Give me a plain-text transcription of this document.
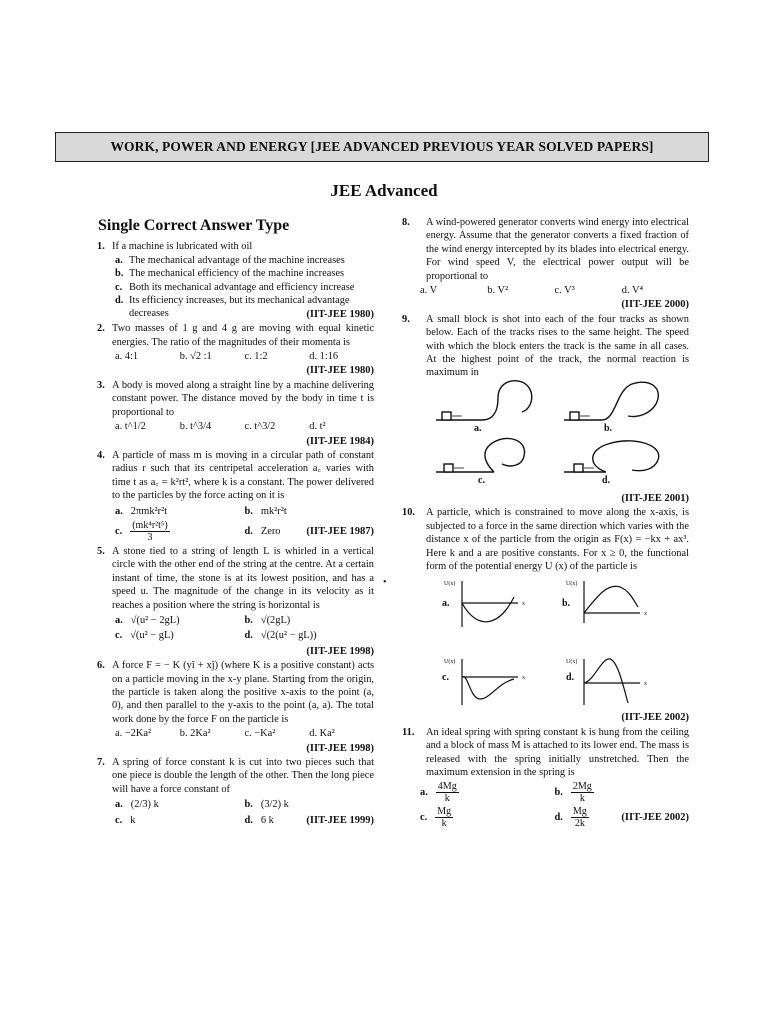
WORK, POWER AND ENERGY [JEE ADVANCED PREVIOUS YEAR SOLVED PAPERS]
JEE Advanced
•
Single Correct Answer Type
1. If a machine is lubricated with oil
a. The mechanical advantage of the machine increases
b. The mechanical efficiency of the machine increases
c. Both its mechanical advantage and efficiency increase
d. Its efficiency increases, but its mechanical advantage decreases	(IIT-JEE 1980)
2. Two masses of 1 g and 4 g are moving with equal kinetic energies. The ratio of the magnitudes of their momenta is
a. 4:1	b. √2 :1	c. 1:2	d. 1:16
(IIT-JEE 1980)
3. A body is moved along a straight line by a machine delivering constant power. The distance moved by the body in time t is proportional to
a. t^1/2	b. t^3/4	c. t^3/2	d. t²
(IIT-JEE 1984)
4. A particle of mass m is moving in a circular path of constant radius r such that its centripetal acceleration a꜀ varies with time t as a꜀ = k²rt², where k is a constant. The power delivered to the particles by the force acting on it is
a. 2πmk²r²t	b. mk²r²t
c. $\frac{\text{(mk⁴r²t⁵)}}{3}$	d. Zero (IIT-JEE 1987)
5. A stone tied to a string of length L is whirled in a vertical circle with the other end of the string at the centre. At a certain instant of time, the stone is at its lowest position, and has a speed u. The magnitude of the change in its velocity as it reaches a position where the string is horizontal is
a. √(u² − 2gL)	b. √(2gL)
c. √(u² − gL)	d. √(2(u² − gL))
(IIT-JEE 1998)
6. A force F = − K (yî + xĵ) (where K is a positive constant) acts on a particle moving in the x-y plane. Starting from the origin, the particle is taken along the positive x-axis to the point (a, 0), and then parallel to the y-axis to the point (a, a). The total work done by the force F on the particle is
a. −2Ka²	b. 2Ka²	c. −Ka²	d. Ka²
(IIT-JEE 1998)
7. A spring of force constant k is cut into two pieces such that one piece is double the length of the other. Then the long piece will have a force constant of
a. (2/3) k	b. (3/2) k
c. k	d. 6 k	(IIT-JEE 1999)
8.	A wind-powered generator converts wind energy into electrical energy. Assume that the generator converts a fixed fraction of the wind energy intercepted by its blades into electrical energy. For wind speed V, the electrical power output will be proportional to
a. V	b. V²	c. V³	d. V⁴
(IIT-JEE 2000)
9.	A small block is shot into each of the four tracks as shown below. Each of the tracks rises to the same height. The speed with which the block enters the track is the same in all cases. At the highest point of the track, the normal reaction is maximum in
a.	b.
c.	d.
(IIT-JEE 2001)
10.	A particle, which is constrained to move along the x-axis, is subjected to a force in the same direction which varies with the distance x of the particle from the origin as F(x) = −kx + ax³. Here k and a are positive constants. For x ≥ 0, the functional form of the potential energy U (x) of the particle is
U(x)
x
U(x)
x
U(x)
x
U(x)
x
a.	b.
c.	d.
(IIT-JEE 2002)
11.	An ideal spring with spring constant k is hung from the ceiling and a block of mass M is attached to its lower end. The mass is released with the spring initially unstretched. Then the maximum extension in the spring is
a. $\frac{4Mg}{k}$	b. $\frac{2Mg}{k}$
c. $\frac{Mg}{k}$	d. $\frac{Mg}{2k}$	(IIT-JEE 2002)
